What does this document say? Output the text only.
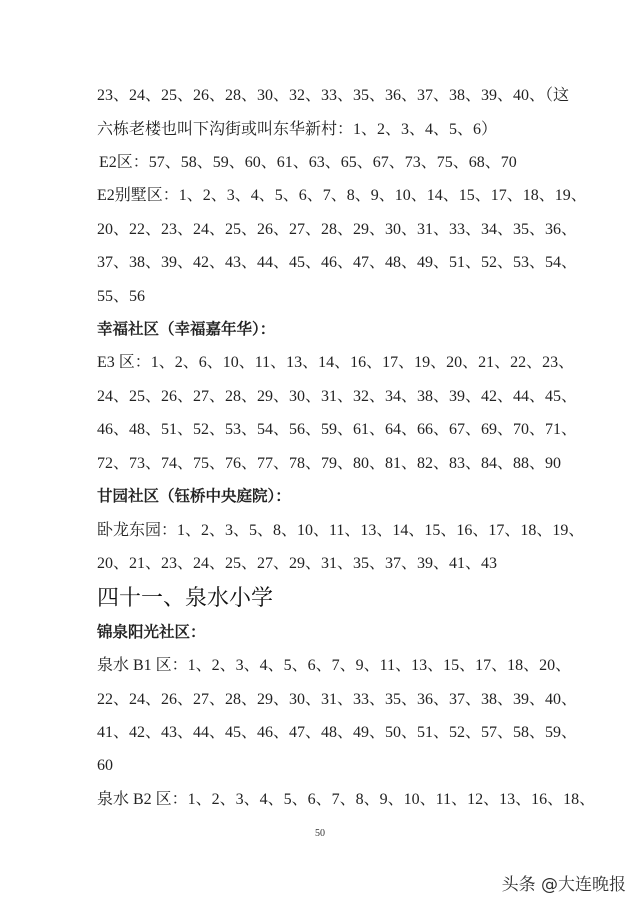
23、24、25、26、28、30、32、33、35、36、37、38、39、40、（这
六栋老楼也叫下沟街或叫东华新村：1、2、3、4、5、6）
E2区：57、58、59、60、61、63、65、67、73、75、68、70
E2别墅区：1、2、3、4、5、6、7、8、9、10、14、15、17、18、19、
20、22、23、24、25、26、27、28、29、30、31、33、34、35、36、
37、38、39、42、43、44、45、46、47、48、49、51、52、53、54、
55、56
幸福社区（幸福嘉年华）：
E3 区：1、2、6、10、11、13、14、16、17、19、20、21、22、23、
24、25、26、27、28、29、30、31、32、34、38、39、42、44、45、
46、48、51、52、53、54、56、59、61、64、66、67、69、70、71、
72、73、74、75、76、77、78、79、80、81、82、83、84、88、90
甘园社区（钰桥中央庭院）：
卧龙东园：1、2、3、5、8、10、11、13、14、15、16、17、18、19、
20、21、23、24、25、27、29、31、35、37、39、41、43
四十一、泉水小学
锦泉阳光社区：
泉水 B1 区：1、2、3、4、5、6、7、9、11、13、15、17、18、20、
22、24、26、27、28、29、30、31、33、35、36、37、38、39、40、
41、42、43、44、45、46、47、48、49、50、51、52、57、58、59、
60
泉水 B2 区：1、2、3、4、5、6、7、8、9、10、11、12、13、16、18、
50
头条 @大连晚报
